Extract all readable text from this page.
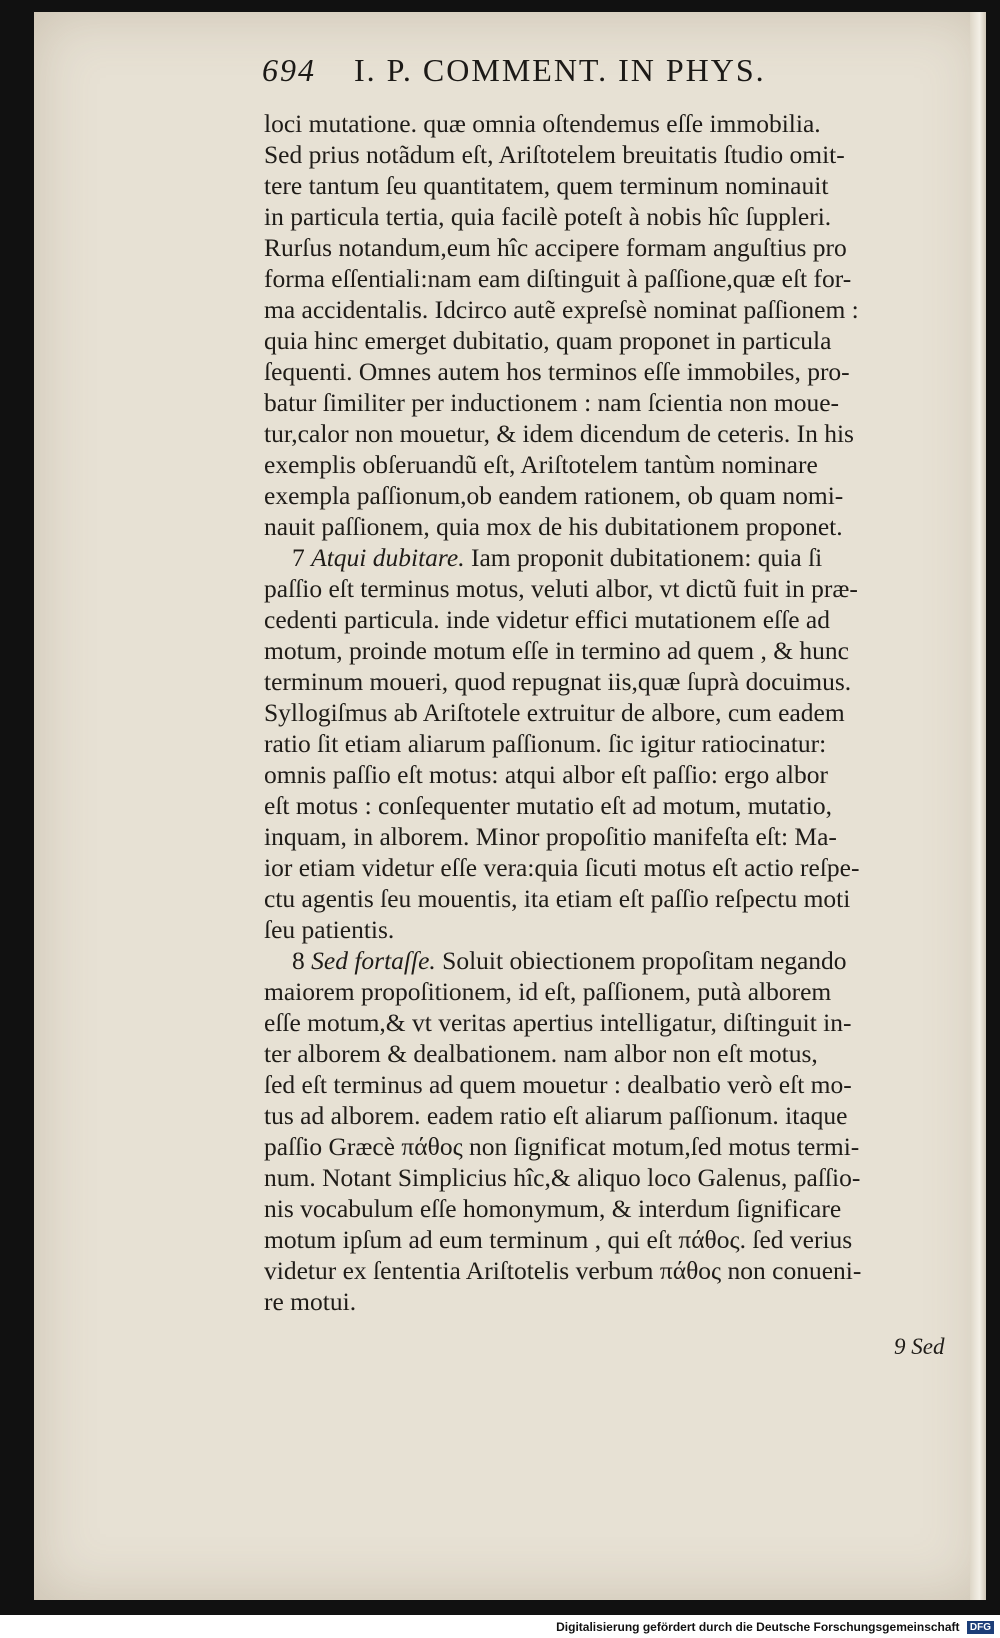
694 I. P. COMMENT. IN PHYS.
loci mutatione. quæ omnia oſtendemus eſſe immobilia.
Sed prius notãdum eſt, Ariſtotelem breuitatis ſtudio omit-
tere tantum ſeu quantitatem, quem terminum nominauit
in particula tertia, quia facilè poteſt à nobis hîc ſuppleri.
Rurſus notandum,eum hîc accipere formam anguſtius pro
forma eſſentiali:nam eam diſtinguit à paſſione,quæ eſt for-
ma accidentalis. Idcirco autẽ expreſsè nominat paſſionem :
quia hinc emerget dubitatio, quam proponet in particula
ſequenti. Omnes autem hos terminos eſſe immobiles, pro-
batur ſimiliter per inductionem : nam ſcientia non moue-
tur,calor non mouetur, & idem dicendum de ceteris. In his
exemplis obſeruandũ eſt, Ariſtotelem tantùm nominare
exempla paſſionum,ob eandem rationem, ob quam nomi-
nauit paſſionem, quia mox de his dubitationem proponet.
7 Atqui dubitare. Iam proponit dubitationem: quia ſi
paſſio eſt terminus motus, veluti albor, vt dictũ fuit in præ-
cedenti particula. inde videtur effici mutationem eſſe ad
motum, proinde motum eſſe in termino ad quem , & hunc
terminum moueri, quod repugnat iis,quæ ſuprà docuimus.
Syllogiſmus ab Ariſtotele extruitur de albore, cum eadem
ratio ſit etiam aliarum paſſionum. ſic igitur ratiocinatur:
omnis paſſio eſt motus: atqui albor eſt paſſio: ergo albor
eſt motus : conſequenter mutatio eſt ad motum, mutatio,
inquam, in alborem. Minor propoſitio manifeſta eſt: Ma-
ior etiam videtur eſſe vera:quia ſicuti motus eſt actio reſpe-
ctu agentis ſeu mouentis, ita etiam eſt paſſio reſpectu moti
ſeu patientis.
8 Sed fortaſſe. Soluit obiectionem propoſitam negando
maiorem propoſitionem, id eſt, paſſionem, putà alborem
eſſe motum,& vt veritas apertius intelligatur, diſtinguit in-
ter alborem & dealbationem. nam albor non eſt motus,
ſed eſt terminus ad quem mouetur : dealbatio verò eſt mo-
tus ad alborem. eadem ratio eſt aliarum paſſionum. itaque
paſſio Græcè πάθος non ſignificat motum,ſed motus termi-
num. Notant Simplicius hîc,& aliquo loco Galenus, paſſio-
nis vocabulum eſſe homonymum, & interdum ſignificare
motum ipſum ad eum terminum , qui eſt πάθος. ſed verius
videtur ex ſententia Ariſtotelis verbum πάθος non conueni-
re motui.
9 Sed
Digitalisierung gefördert durch die Deutsche Forschungsgemeinschaft DFG
